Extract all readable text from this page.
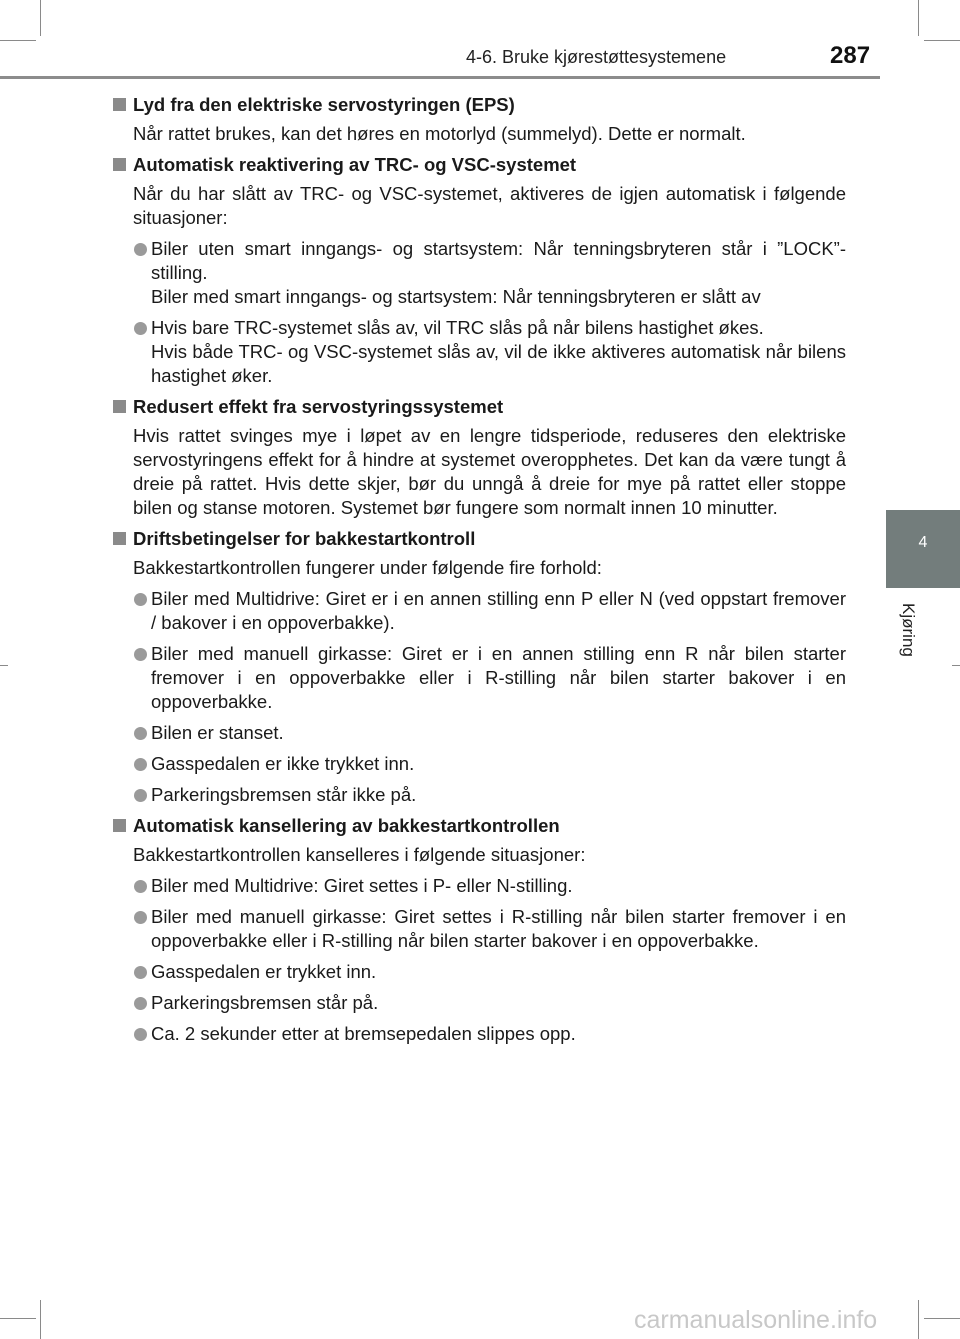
4-6. Bruke kjørestøttesystemene	287
4
Kjøring
Lyd fra den elektriske servostyringen (EPS)
Når rattet brukes, kan det høres en motorlyd (summelyd). Dette er normalt.
Automatisk reaktivering av TRC- og VSC-systemet
Når du har slått av TRC- og VSC-systemet, aktiveres de igjen automatisk i følgende situasjoner:
Biler uten smart inngangs- og startsystem: Når tenningsbryteren står i ”LOCK”-stilling.
Biler med smart inngangs- og startsystem: Når tenningsbryteren er slått av
Hvis bare TRC-systemet slås av, vil TRC slås på når bilens hastighet økes.
Hvis både TRC- og VSC-systemet slås av, vil de ikke aktiveres automatisk når bilens hastighet øker.
Redusert effekt fra servostyringssystemet
Hvis rattet svinges mye i løpet av en lengre tidsperiode, reduseres den elektriske servostyringens effekt for å hindre at systemet overopphetes. Det kan da være tungt å dreie på rattet. Hvis dette skjer, bør du unngå å dreie for mye på rattet eller stoppe bilen og stanse motoren. Systemet bør fungere som normalt innen 10 minutter.
Driftsbetingelser for bakkestartkontroll
Bakkestartkontrollen fungerer under følgende fire forhold:
Biler med Multidrive: Giret er i en annen stilling enn P eller N (ved oppstart fremover / bakover i en oppoverbakke).
Biler med manuell girkasse: Giret er i en annen stilling enn R når bilen starter fremover i en oppoverbakke eller i R-stilling når bilen starter bakover i en oppoverbakke.
Bilen er stanset.
Gasspedalen er ikke trykket inn.
Parkeringsbremsen står ikke på.
Automatisk kansellering av bakkestartkontrollen
Bakkestartkontrollen kanselleres i følgende situasjoner:
Biler med Multidrive: Giret settes i P- eller N-stilling.
Biler med manuell girkasse: Giret settes i R-stilling når bilen starter fremover i en oppoverbakke eller i R-stilling når bilen starter bakover i en oppoverbakke.
Gasspedalen er trykket inn.
Parkeringsbremsen står på.
Ca. 2 sekunder etter at bremsepedalen slippes opp.
carmanualsonline.info
